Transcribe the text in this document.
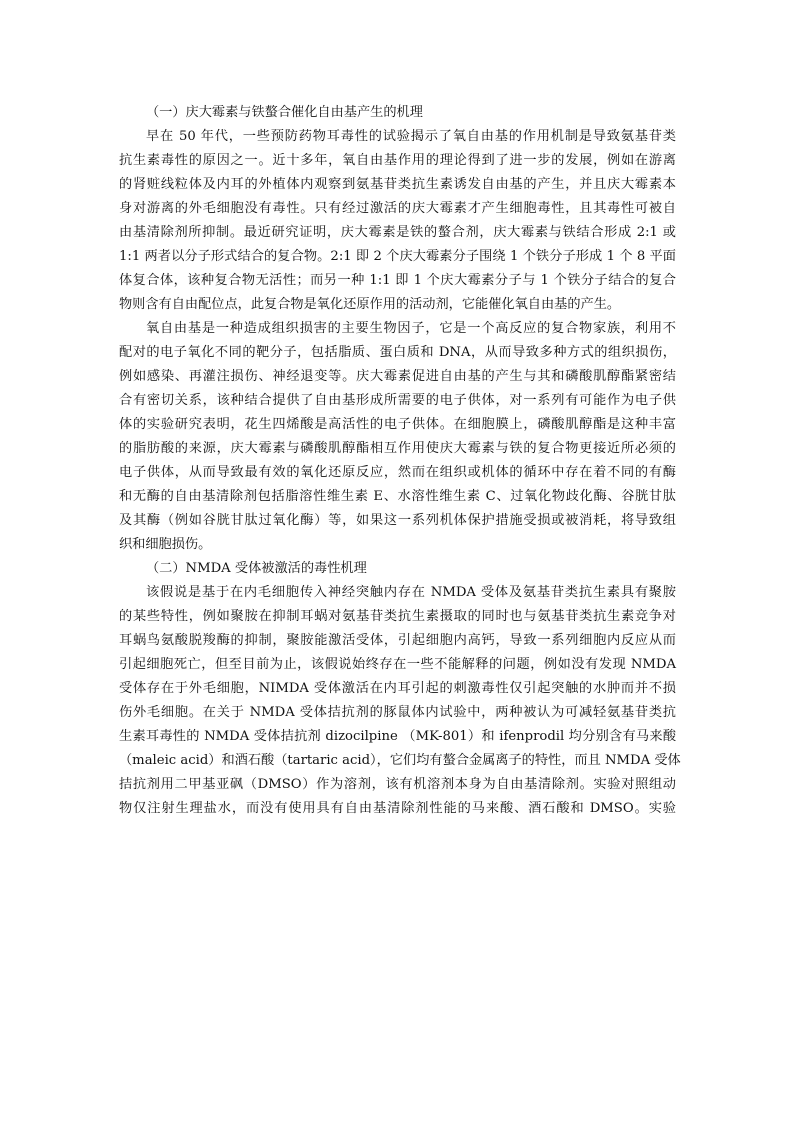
（一）庆大霉素与铁螯合催化自由基产生的机理
早在 50 年代，一些预防药物耳毒性的试验揭示了氧自由基的作用机制是导致氨基苷类
抗生素毒性的原因之一。近十多年，氧自由基作用的理论得到了进一步的发展，例如在游离
的肾赃线粒体及内耳的外植体内观察到氨基苷类抗生素诱发自由基的产生，并且庆大霉素本
身对游离的外毛细胞没有毒性。只有经过激活的庆大霉素才产生细胞毒性，且其毒性可被自
由基清除剂所抑制。最近研究证明，庆大霉素是铁的螯合剂，庆大霉素与铁结合形成 2:1 或
1:1 两者以分子形式结合的复合物。2:1 即 2 个庆大霉素分子围绕 1 个铁分子形成 1 个 8 平面
体复合体，该种复合物无活性；而另一种 1:1 即 1 个庆大霉素分子与 1 个铁分子结合的复合
物则含有自由配位点，此复合物是氧化还原作用的活动剂，它能催化氧自由基的产生。
氧自由基是一种造成组织损害的主要生物因子，它是一个高反应的复合物家族，利用不
配对的电子氧化不同的靶分子，包括脂质、蛋白质和 DNA，从而导致多种方式的组织损伤，
例如感染、再灌注损伤、神经退变等。庆大霉素促进自由基的产生与其和磷酸肌醇酯紧密结
合有密切关系，该种结合提供了自由基形成所需要的电子供体，对一系列有可能作为电子供
体的实验研究表明，花生四烯酸是高活性的电子供体。在细胞膜上，磷酸肌醇酯是这种丰富
的脂肪酸的来源，庆大霉素与磷酸肌醇酯相互作用使庆大霉素与铁的复合物更接近所必须的
电子供体，从而导致最有效的氧化还原反应，然而在组织或机体的循环中存在着不同的有酶
和无酶的自由基清除剂包括脂溶性维生素 E、水溶性维生素 C、过氧化物歧化酶、谷胱甘肽
及其酶（例如谷胱甘肽过氧化酶）等，如果这一系列机体保护措施受损或被消耗，将导致组
织和细胞损伤。
（二）NMDA 受体被激活的毒性机理
该假说是基于在内毛细胞传入神经突触内存在 NMDA 受体及氨基苷类抗生素具有聚胺
的某些特性，例如聚胺在抑制耳蜗对氨基苷类抗生素摄取的同时也与氨基苷类抗生素竞争对
耳蜗鸟氨酸脱羧酶的抑制，聚胺能激活受体，引起细胞内高钙，导致一系列细胞内反应从而
引起细胞死亡，但至目前为止，该假说始终存在一些不能解释的问题，例如没有发现 NMDA
受体存在于外毛细胞，NIMDA 受体激活在内耳引起的刺激毒性仅引起突触的水肿而并不损
伤外毛细胞。在关于 NMDA 受体拮抗剂的豚鼠体内试验中，两种被认为可减轻氨基苷类抗
生素耳毒性的 NMDA 受体拮抗剂 dizocilpine （MK-801）和 ifenprodil 均分别含有马来酸
（maleic acid）和酒石酸（tartaric acid），它们均有螯合金属离子的特性，而且 NMDA 受体
拮抗剂用二甲基亚砜（DMSO）作为溶剂，该有机溶剂本身为自由基清除剂。实验对照组动
物仅注射生理盐水，而没有使用具有自由基清除剂性能的马来酸、酒石酸和 DMSO。实验
